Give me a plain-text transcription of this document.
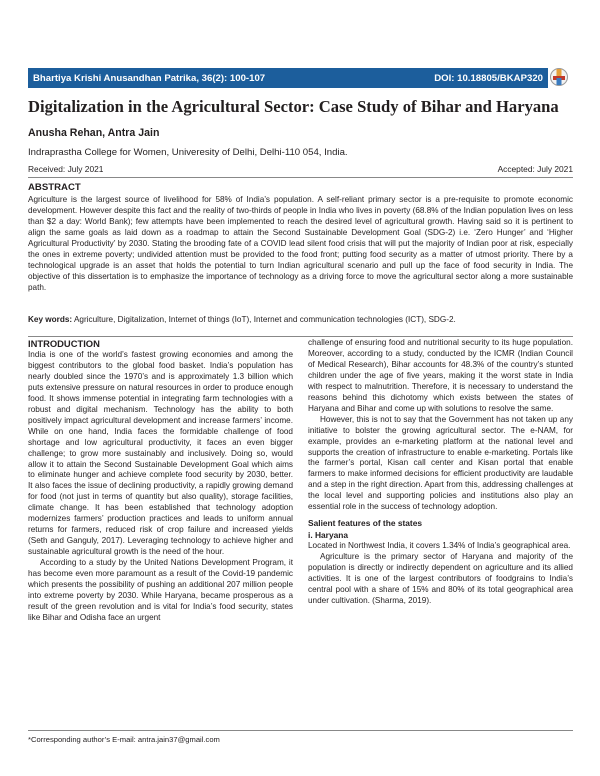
Bhartiya Krishi Anusandhan Patrika, 36(2): 100-107	DOI: 10.18805/BKAP320
Digitalization in the Agricultural Sector: Case Study of Bihar and Haryana
Anusha Rehan, Antra Jain
Indraprastha College for Women, Univeresity of Delhi, Delhi-110 054, India.
Received: July 2021	Accepted: July 2021
ABSTRACT

Agriculture is the largest source of livelihood for 58% of India’s population. A self-reliant primary sector is a pre-requisite to promote economic development. However despite this fact and the reality of two-thirds of people in India who lives in poverty (68.8% of the Indian population lives on less than $2 a day: World Bank); few attempts have been implemented to reach the desired level of agricultural growth. Having said so it is pertinent to align the same goals as laid down as a roadmap to attain the Second Sustainable Development Goal (SDG-2) i.e. ‘Zero Hunger’ and ‘Higher Agricultural Productivity’ by 2030. Stating the brooding fate of a COVID lead silent food crisis that will put the majority of Indian poor at risk, especially the ones in extreme poverty; undivided attention must be provided to the food front; putting food security as a matter of utmost priority. There by a technological upgrade is an asset that holds the potential to turn Indian agricultural scenario and pull up the face of food security in India. The objective of this dissertation is to emphasize the importance of technology as a driving force to move the agricultural sector along a more sustainable path.

Key words: Agriculture, Digitalization, Internet of things (IoT), Internet and communication technologies (ICT), SDG-2.

INTRODUCTION

India is one of the world’s fastest growing economies and among the biggest contributors to the global food basket. India’s population has nearly doubled since the 1970’s and is approximately 1.3 billion which puts extensive pressure on natural resources in order to produce enough food. It shows immense potential in integrating farm technologies with a robust and digital mechanism. Technology has the ability to both positively impact agricultural development and increase farmers’ income. While on one hand, India faces the formidable challenge of food shortage and low agricultural productivity, it faces an even bigger challenge; to grow more sustainably and inclusively. Doing so, would allow it to attain the Second Sustainable Development Goal which aims to eliminate hunger and achieve complete food security by 2030, better. It also faces the issue of declining productivity, a rapidly growing demand for food (not just in terms of quantity but also quality), storage facilities, climate change. It has been established that technology adoption modernizes farmers’ production practices and leads to uniform annual returns for farmers, reduced risk of crop failure and increased yields (Seth and Ganguly, 2017). Leveraging technology to achieve higher and sustainable agricultural growth is the need of the hour.

According to a study by the United Nations Development Program, it has become even more paramount as a result of the Covid-19 pandemic which presents the possibility of pushing an additional 207 million people into extreme poverty by 2030. While Haryana, became prosperous as a result of the green revolution and is vital for India’s food security, states like Bihar and Odisha face an urgent

challenge of ensuring food and nutritional security to its huge population. Moreover, according to a study, conducted by the ICMR (Indian Council of Medical Research), Bihar accounts for 48.3% of the country’s stunted children under the age of five years, making it the worst state in India with respect to malnutrition. Therefore, it is necessary to understand the reasons behind this dichotomy which exists between the states of Haryana and Bihar and come up with solutions to resolve the same.

However, this is not to say that the Government has not taken up any initiative to bolster the growing agricultural sector. The e-NAM, for example, provides an e-marketing platform at the national level and supports the creation of infrastructure to enable e-marketing. Portals like the farmer’s portal, Kisan call center and Kisan portal that enable farmers to make informed decisions for efficient productivity are laudable and a step in the right direction. Apart from this, addressing challenges at the local level and supporting policies and institutions also play an essential role in the success of technology adoption.

Salient features of the states
i. Haryana

Located in Northwest India, it covers 1.34% of India’s geographical area.

Agriculture is the primary sector of Haryana and majority of the population is directly or indirectly dependent on agriculture and its allied activities. It is one of the largest contributors of foodgrains to India’s central pool with a share of 15% and 80% of its total geographical area under cultivation. (Sharma, 2019).

*Corresponding author’s E-mail: antra.jain37@gmail.com
